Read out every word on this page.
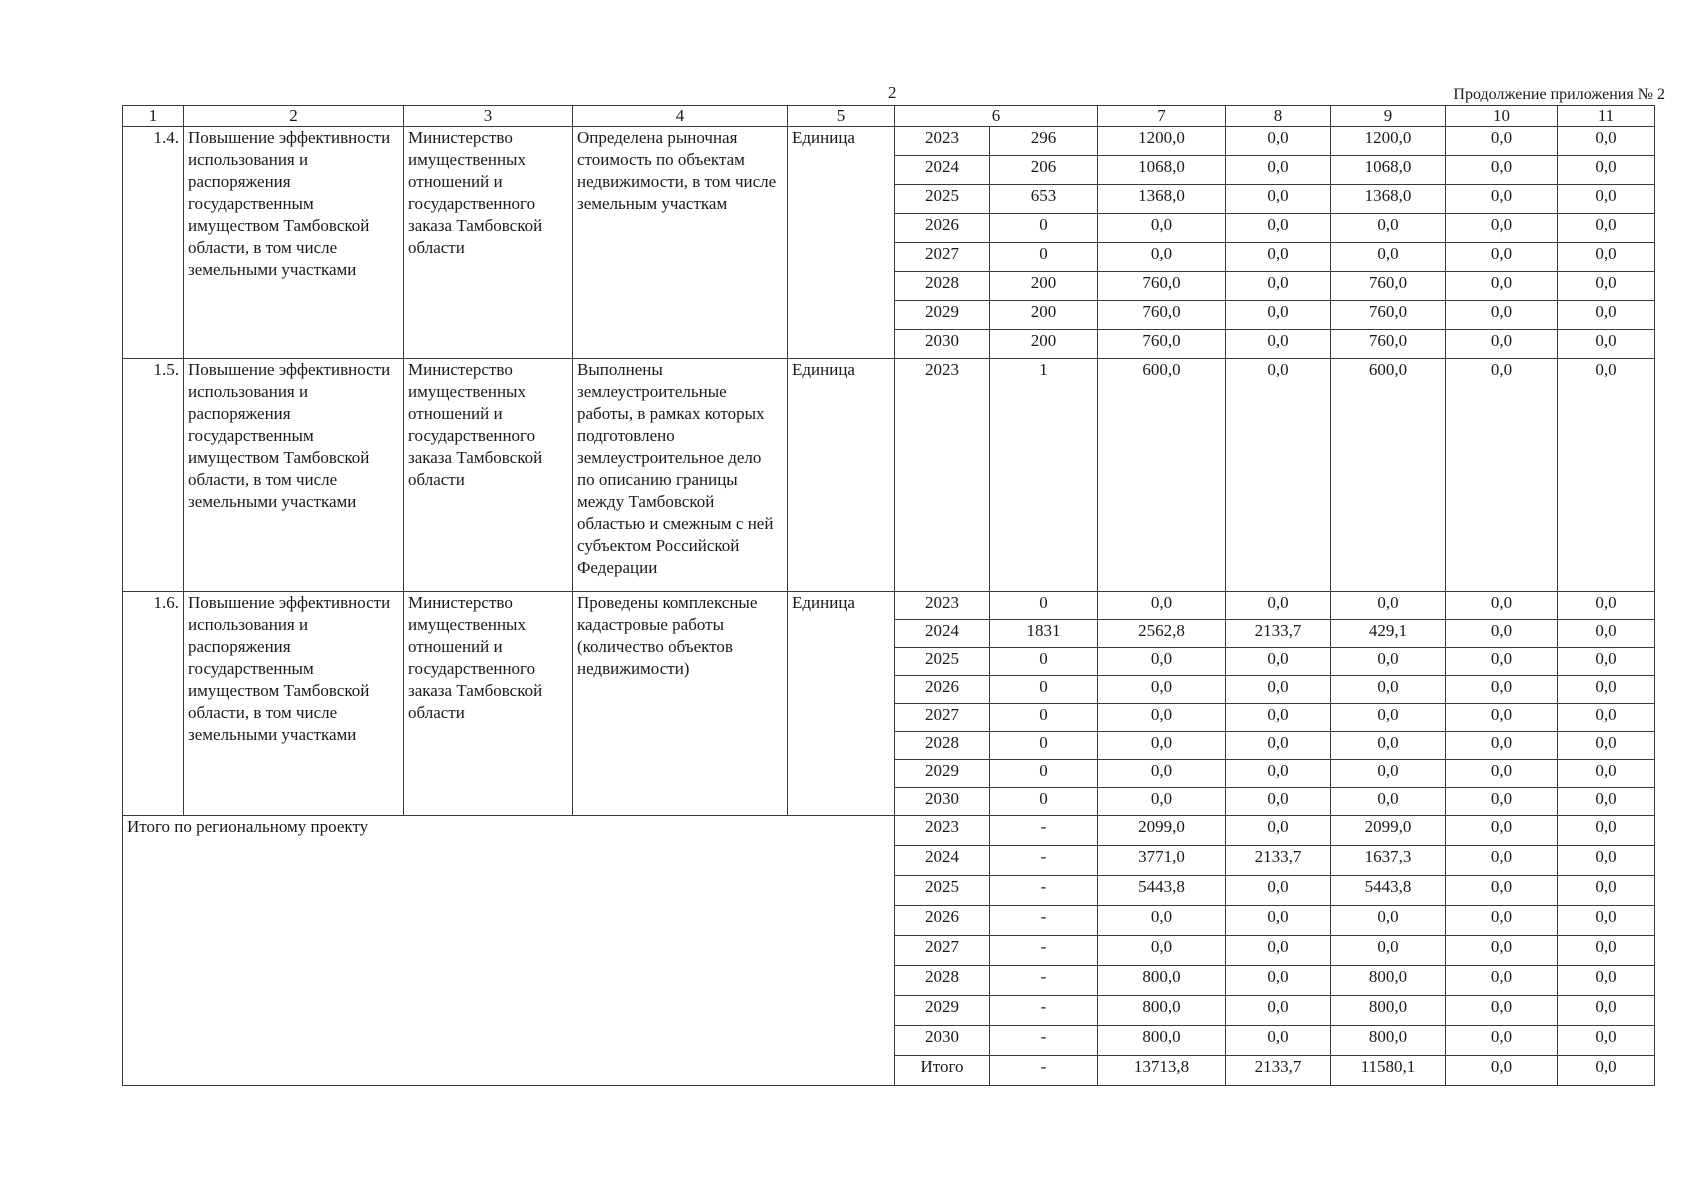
2	Продолжение приложения № 2
1	2	3	4	5	6		7	8	9	10	11
1.4.	Повышение эффективности использования и распоряжения государственным имуществом Тамбовской области, в том числе земельными участками	Министерство имущественных отношений и государственного заказа Тамбовской области	Определена рыночная стоимость по объектам недвижимости, в том числе земельным участкам	Единица	2023	296	1200,0	0,0	1200,0	0,0	0,0
					2024	206	1068,0	0,0	1068,0	0,0	0,0
					2025	653	1368,0	0,0	1368,0	0,0	0,0
					2026	0	0,0	0,0	0,0	0,0	0,0
					2027	0	0,0	0,0	0,0	0,0	0,0
					2028	200	760,0	0,0	760,0	0,0	0,0
					2029	200	760,0	0,0	760,0	0,0	0,0
					2030	200	760,0	0,0	760,0	0,0	0,0
1.5.	Повышение эффективности использования и распоряжения государственным имуществом Тамбовской области, в том числе земельными участками	Министерство имущественных отношений и государственного заказа Тамбовской области	Выполнены землеустроительные работы, в рамках которых подготовлено землеустроительное дело по описанию границы между Тамбовской областью и смежным с ней субъектом Российской Федерации	Единица	2023	1	600,0	0,0	600,0	0,0	0,0
1.6.	Повышение эффективности использования и распоряжения государственным имуществом Тамбовской области, в том числе земельными участками	Министерство имущественных отношений и государственного заказа Тамбовской области	Проведены комплексные кадастровые работы (количество объектов недвижимости)	Единица	2023	0	0,0	0,0	0,0	0,0	0,0
					2024	1831	2562,8	2133,7	429,1	0,0	0,0
					2025	0	0,0	0,0	0,0	0,0	0,0
					2026	0	0,0	0,0	0,0	0,0	0,0
					2027	0	0,0	0,0	0,0	0,0	0,0
					2028	0	0,0	0,0	0,0	0,0	0,0
					2029	0	0,0	0,0	0,0	0,0	0,0
					2030	0	0,0	0,0	0,0	0,0	0,0
Итого по региональному проекту					2023	-	2099,0	0,0	2099,0	0,0	0,0
					2024	-	3771,0	2133,7	1637,3	0,0	0,0
					2025	-	5443,8	0,0	5443,8	0,0	0,0
					2026	-	0,0	0,0	0,0	0,0	0,0
					2027	-	0,0	0,0	0,0	0,0	0,0
					2028	-	800,0	0,0	800,0	0,0	0,0
					2029	-	800,0	0,0	800,0	0,0	0,0
					2030	-	800,0	0,0	800,0	0,0	0,0
					Итого	-	13713,8	2133,7	11580,1	0,0	0,0
